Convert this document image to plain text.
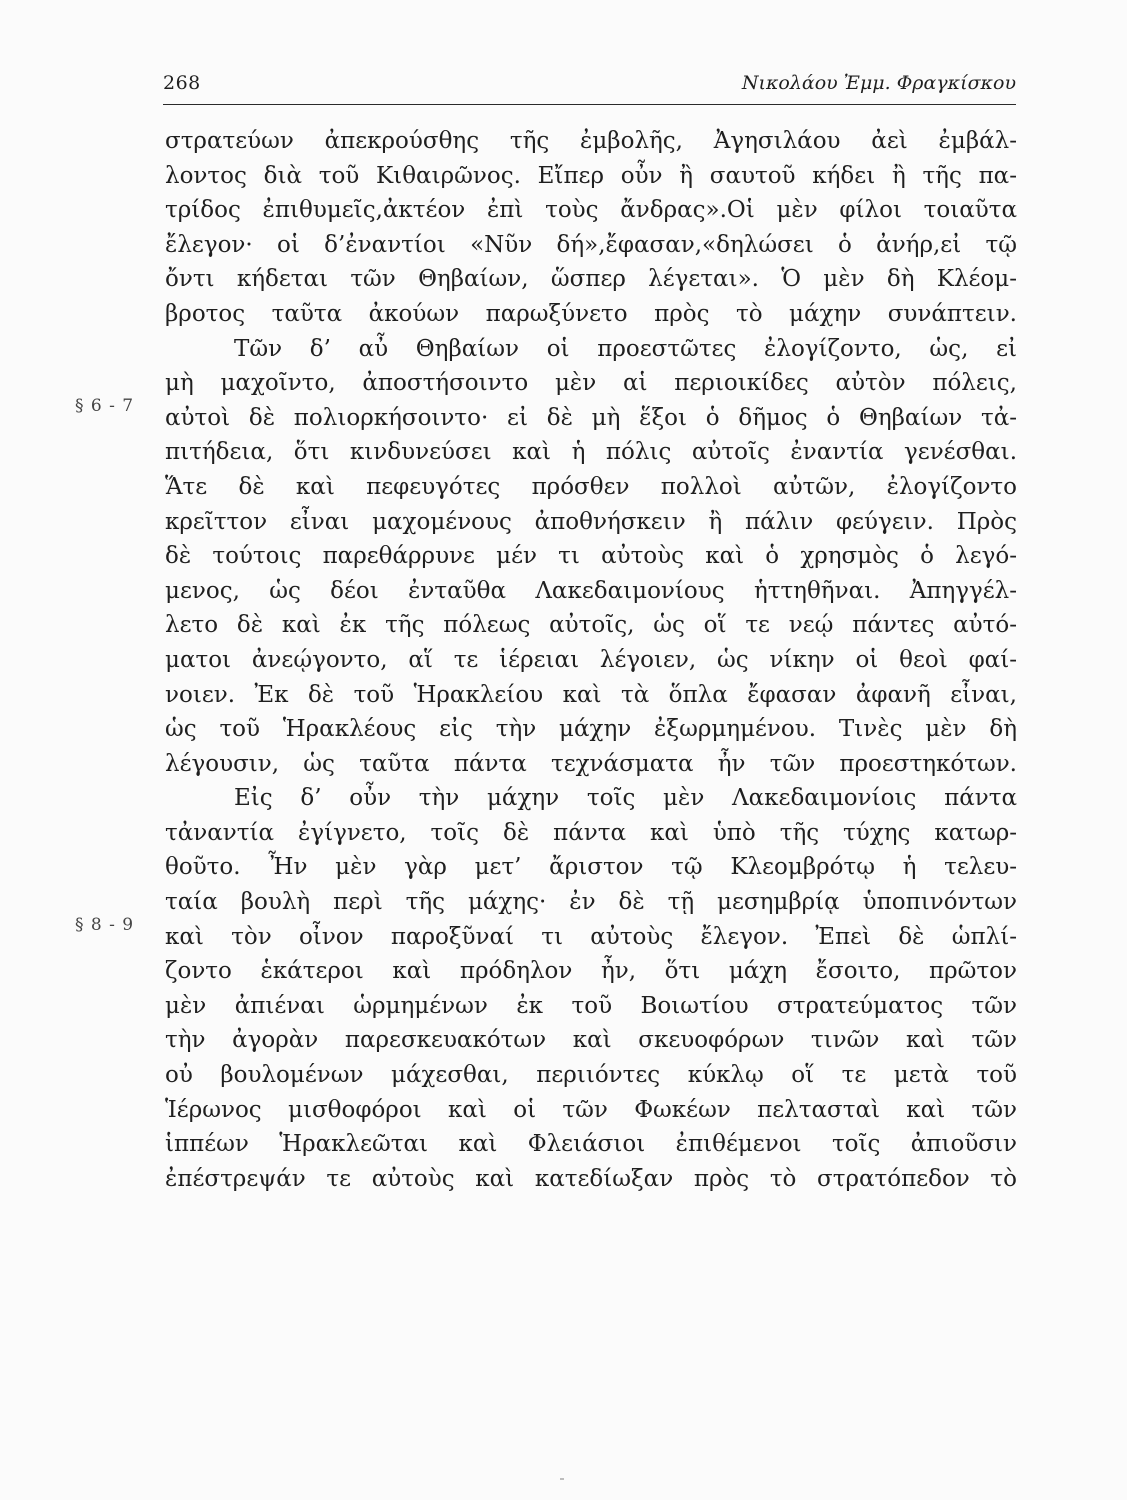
268	Νικολάου Ἐμμ. Φραγκίσκου
§ 6 - 7
§ 8 - 9
στρατεύων ἀπεκρούσθης τῆς ἐμβολῆς, Ἀγησιλάου ἀεὶ ἐμβάλ-
λοντος διὰ τοῦ Κιθαιρῶνος. Εἴπερ οὖν ἢ σαυτοῦ κήδει ἢ τῆς πα-
τρίδος ἐπιθυμεῖς,ἀκτέον ἐπὶ τοὺς ἄνδρας».Οἱ μὲν φίλοι τοιαῦτα
ἔλεγον· οἱ δ’ἐναντίοι «Νῦν δή»,ἔφασαν,«δηλώσει ὁ ἀνήρ,εἰ τῷ
ὄντι κήδεται τῶν Θηβαίων, ὥσπερ λέγεται». Ὁ μὲν δὴ Κλέομ-
βροτος ταῦτα ἀκούων παρωξύνετο πρὸς τὸ μάχην συνάπτειν.
Τῶν δ’ αὖ Θηβαίων οἱ προεστῶτες ἐλογίζοντο, ὡς, εἰ
μὴ μαχοῖντο, ἀποστήσοιντο μὲν αἱ περιοικίδες αὐτὸν πόλεις,
αὐτοὶ δὲ πολιορκήσοιντο· εἰ δὲ μὴ ἕξοι ὁ δῆμος ὁ Θηβαίων τἀ-
πιτήδεια, ὅτι κινδυνεύσει καὶ ἡ πόλις αὐτοῖς ἐναντία γενέσθαι.
Ἅτε δὲ καὶ πεφευγότες πρόσθεν πολλοὶ αὐτῶν, ἐλογίζοντο
κρεῖττον εἶναι μαχομένους ἀποθνήσκειν ἢ πάλιν φεύγειν. Πρὸς
δὲ τούτοις παρεθάρρυνε μέν τι αὐτοὺς καὶ ὁ χρησμὸς ὁ λεγό-
μενος, ὡς δέοι ἐνταῦθα Λακεδαιμονίους ἡττηθῆναι. Ἀπηγγέλ-
λετο δὲ καὶ ἐκ τῆς πόλεως αὐτοῖς, ὡς οἵ τε νεῴ πάντες αὐτό-
ματοι ἀνεῴγοντο, αἵ τε ἱέρειαι λέγοιεν, ὡς νίκην οἱ θεοὶ φαί-
νοιεν. Ἐκ δὲ τοῦ Ἡρακλείου καὶ τὰ ὅπλα ἔφασαν ἀφανῆ εἶναι,
ὡς τοῦ Ἡρακλέους εἰς τὴν μάχην ἐξωρμημένου. Τινὲς μὲν δὴ
λέγουσιν, ὡς ταῦτα πάντα τεχνάσματα ἦν τῶν προεστηκότων.
Εἰς δ’ οὖν τὴν μάχην τοῖς μὲν Λακεδαιμονίοις πάντα
τἀναντία ἐγίγνετο, τοῖς δὲ πάντα καὶ ὑπὸ τῆς τύχης κατωρ-
θοῦτο. Ἦν μὲν γὰρ μετ’ ἄριστον τῷ Κλεομβρότῳ ἡ τελευ-
ταία βουλὴ περὶ τῆς μάχης· ἐν δὲ τῇ μεσημβρίᾳ ὑποπινόντων
καὶ τὸν οἶνον παροξῦναί τι αὐτοὺς ἔλεγον. Ἐπεὶ δὲ ὡπλί-
ζοντο ἑκάτεροι καὶ πρόδηλον ἦν, ὅτι μάχη ἔσοιτο, πρῶτον
μὲν ἀπιέναι ὡρμημένων ἐκ τοῦ Βοιωτίου στρατεύματος τῶν
τὴν ἀγορὰν παρεσκευακότων καὶ σκευοφόρων τινῶν καὶ τῶν
οὐ βουλομένων μάχεσθαι, περιιόντες κύκλῳ οἵ τε μετὰ τοῦ
Ἱέρωνος μισθοφόροι καὶ οἱ τῶν Φωκέων πελτασταὶ καὶ τῶν
ἱππέων Ἡρακλεῶται καὶ Φλειάσιοι ἐπιθέμενοι τοῖς ἀπιοῦσιν
ἐπέστρεψάν τε αὐτοὺς καὶ κατεδίωξαν πρὸς τὸ στρατόπεδον τὸ
